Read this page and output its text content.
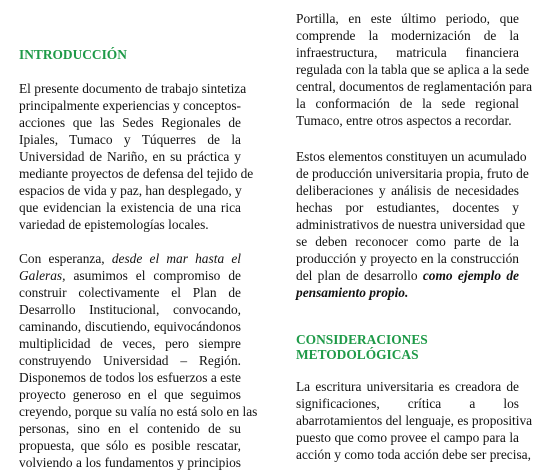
INTRODUCCIÓN
El presente documento de trabajo sintetiza
principalmente experiencias y conceptos-
acciones que las Sedes Regionales de
Ipiales, Tumaco y Túquerres de la
Universidad de Nariño, en su práctica y
mediante proyectos de defensa del tejido de
espacios de vida y paz, han desplegado, y
que evidencian la existencia de una rica
variedad de epistemologías locales.
Con esperanza, desde el mar hasta el
Galeras, asumimos el compromiso de
construir colectivamente el Plan de
Desarrollo Institucional, convocando,
caminando, discutiendo, equivocándonos
multiplicidad de veces, pero siempre
construyendo Universidad – Región.
Disponemos de todos los esfuerzos a este
proyecto generoso en el que seguimos
creyendo, porque su valía no está solo en las
personas, sino en el contenido de su
propuesta, que sólo es posible rescatar,
volviendo a los fundamentos y principios
Portilla, en este último periodo, que
comprende la modernización de la
infraestructura, matricula financiera
regulada con la tabla que se aplica a la sede
central, documentos de reglamentación para
la conformación de la sede regional
Tumaco, entre otros aspectos a recordar.
Estos elementos constituyen un acumulado
de producción universitaria propia, fruto de
deliberaciones y análisis de necesidades
hechas por estudiantes, docentes y
administrativos de nuestra universidad que
se deben reconocer como parte de la
producción y proyecto en la construcción
del plan de desarrollo como ejemplo de
pensamiento propio.
CONSIDERACIONES
METODOLÓGICAS
La escritura universitaria es creadora de
significaciones, crítica a los
abarrotamientos del lenguaje, es propositiva
puesto que como provee el campo para la
acción y como toda acción debe ser precisa,
